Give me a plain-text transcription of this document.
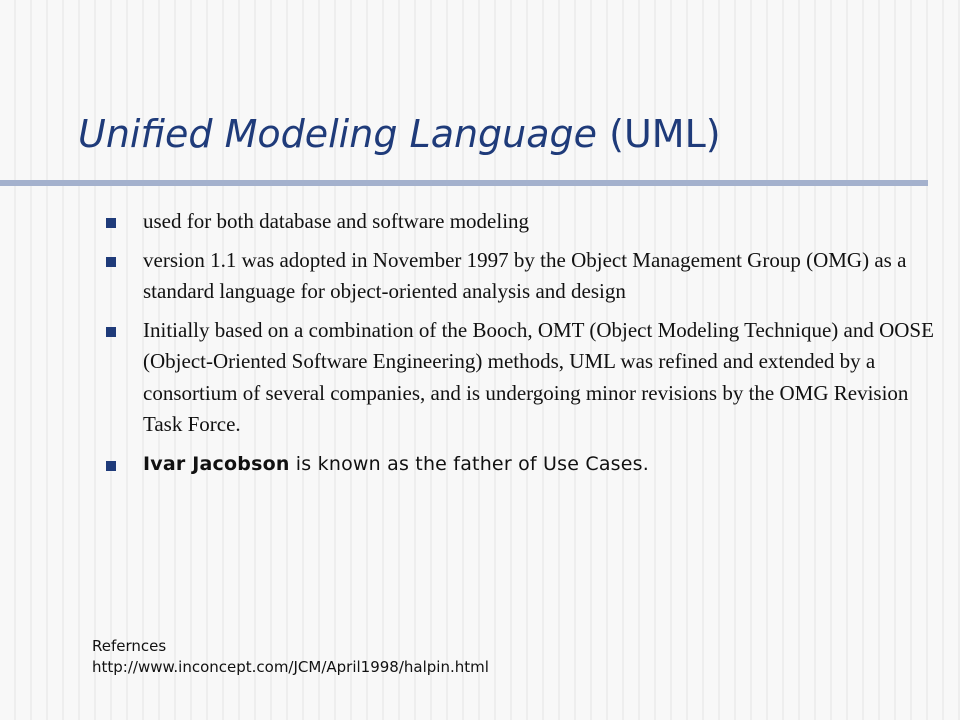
Unified Modeling Language (UML)
used for both database and software modeling
version 1.1 was adopted in November 1997 by the Object Management Group (OMG) as a standard language for object-oriented analysis and design
Initially based on a combination of the Booch, OMT (Object Modeling Technique) and OOSE (Object-Oriented Software Engineering) methods, UML was refined and extended by a consortium of several companies, and is undergoing minor revisions by the OMG Revision Task Force.
Ivar Jacobson is known as the father of Use Cases.
Refernces
http://www.inconcept.com/JCM/April1998/halpin.html
